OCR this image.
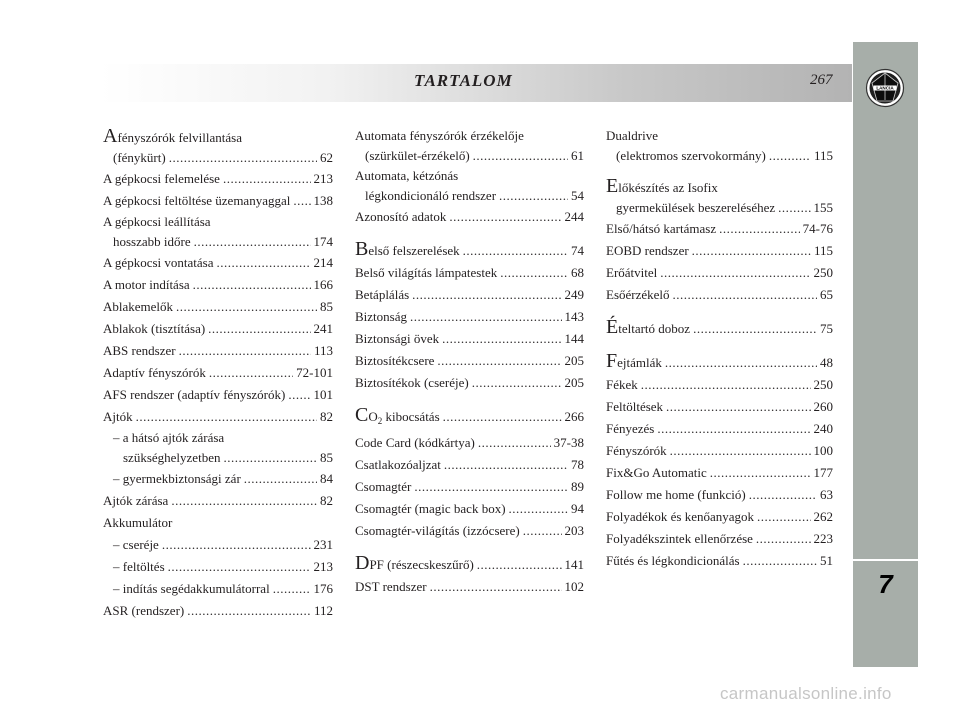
TARTALOM	267
LANCIA
7
Afényszórók felvillantása
(fénykürt) .....	62
A gépkocsi felemelése .....	213
A gépkocsi feltöltése üzemanyaggal ..... 138
A gépkocsi leállítása
hosszabb időre .....	174
A gépkocsi vontatása .....	214
A motor indítása .....	166
Ablakemelők .....	85
Ablakok (tisztítása) .....	241
ABS rendszer .....	113
Adaptív fényszórók .....	72-101
AFS rendszer (adaptív fényszórók) ..... 101
Ajtók .....	82
– a hátsó ajtók zárása
szükséghelyzetben .....	85
– gyermekbiztonsági zár .....	84
Ajtók zárása .....	82
Akkumulátor
– cseréje .....	231
– feltöltés .....	213
– indítás segédakkumulátorral .....	176
ASR (rendszer) .....	112
Automata fényszórók érzékelője
(szürkület-érzékelő) .....	61
Automata, kétzónás
légkondicionáló rendszer .....	54
Azonosító adatok .....	244
Belső felszerelések .....	74
Belső világítás lámpatestek .....	68
Betáplálás .....	249
Biztonság .....	143
Biztonsági övek .....	144
Biztosítékcsere .....	205
Biztosítékok (cseréje) .....	205
$CO_2$ kibocsátás .....	266
Code Card (kódkártya) .....	37-38
Csatlakozóaljzat .....	78
Csomagtér .....	89
Csomagtér (magic back box) .....	94
Csomagtér-világítás (izzócsere) .....	203
DPF (részecskeszűrő) .....	141
DST rendszer .....	102
Dualdrive
(elektromos szervokormány) .....	115
Előkészítés az Isofix
gyermekülések beszereléséhez .....	155
Első/hátsó kartámasz .....	74-76
EOBD rendszer .....	115
Erőátvitel .....	250
Esőérzékelő .....	65
Ételtartó doboz .....	75
Fejtámlák .....	48
Fékek .....	250
Feltöltések .....	260
Fényezés .....	240
Fényszórók .....	100
Fix&Go Automatic .....	177
Follow me home (funkció) .....	63
Folyadékok és kenőanyagok .....	262
Folyadékszintek ellenőrzése .....	223
Fűtés és légkondicionálás .....	51
carmanualsonline.info
